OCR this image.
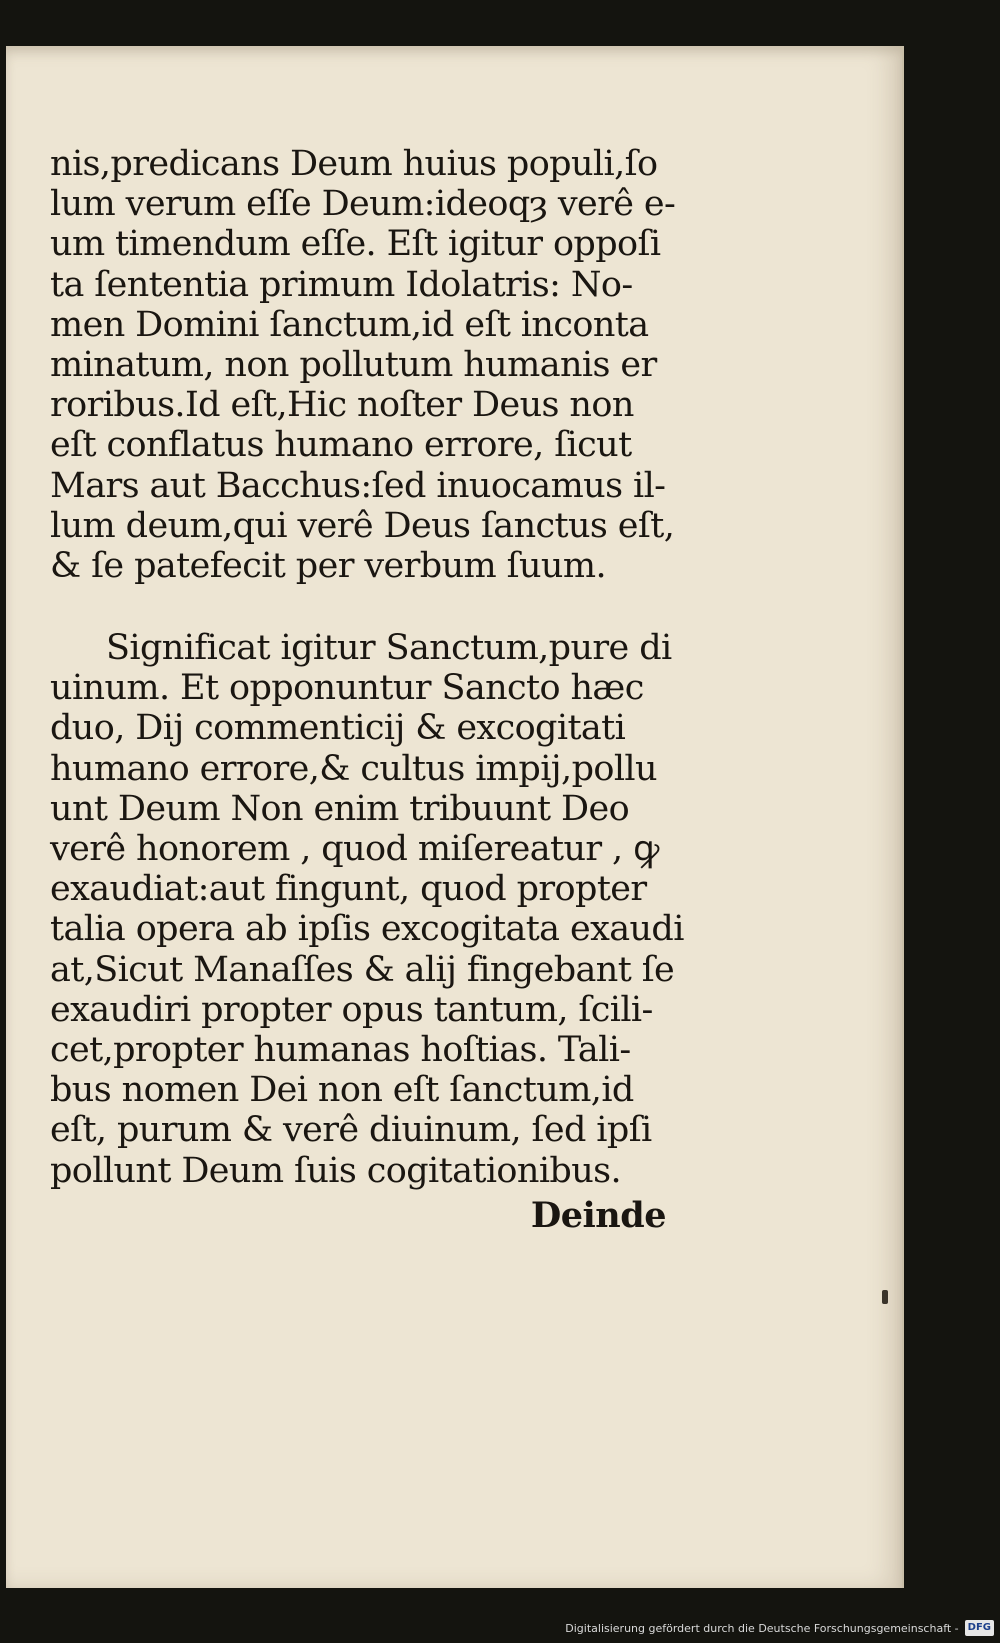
nis,predicans Deum huius populi,ſo
lum verum eſſe Deum:ideoqȝ verê e-
um timendum eſſe. Eſt igitur oppoſi
ta ſententia primum Idolatris: No-
men Domini ſanctum,id eſt inconta
minatum, non pollutum humanis er
roribus.Id eſt,Hic noſter Deus non
eſt conflatus humano errore, ſicut
Mars aut Bacchus:ſed inuocamus il-
lum deum,qui verê Deus ſanctus eſt,
& ſe patefecit per verbum ſuum.
Significat igitur Sanctum,pure di
uinum. Et opponuntur Sancto hæc
duo, Dij commenticij & excogitati
humano errore,& cultus impij,pollu
unt Deum Non enim tribuunt Deo
verê honorem , quod miſereatur , ꝙ
exaudiat:aut fingunt, quod propter
talia opera ab ipſis excogitata exaudi
at,Sicut Manaſſes & alij fingebant ſe
exaudiri propter opus tantum, ſcili-
cet,propter humanas hoſtias. Tali-
bus nomen Dei non eſt ſanctum,id
eſt, purum & verê diuinum, ſed ipſi
pollunt Deum ſuis cogitationibus.
Deinde
Digitalisierung gefördert durch die Deutsche Forschungsgemeinschaft - DFG
